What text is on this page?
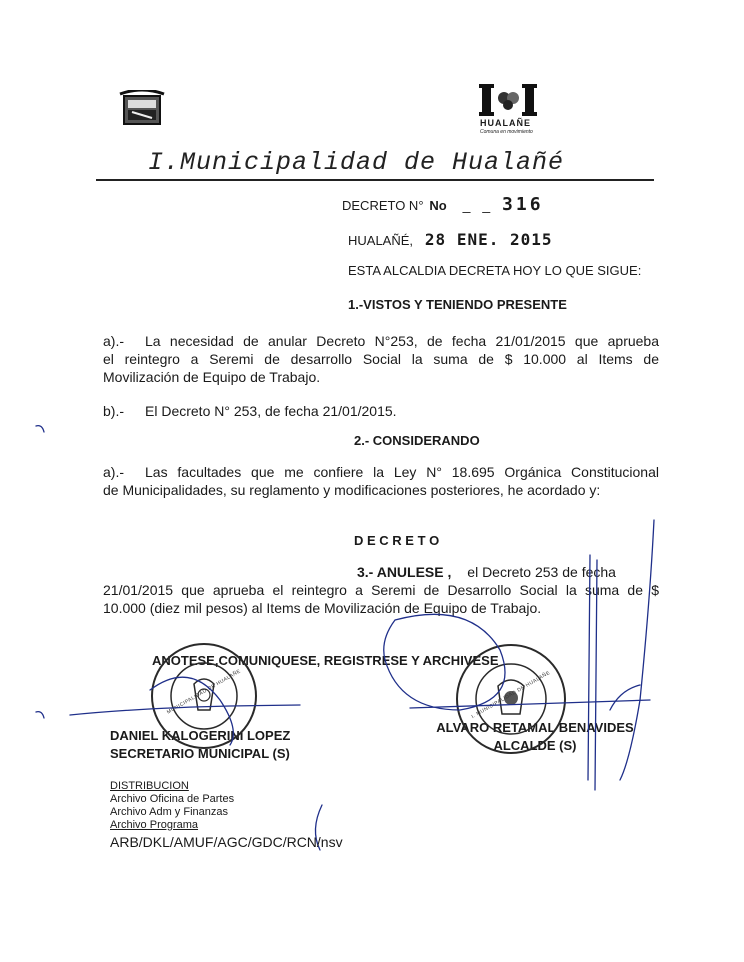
HUALAÑE
Comuna en movimiento
I.Municipalidad de Hualañé
DECRETO N° No _ _ 316
HUALAÑÉ, 28 ENE. 2015
ESTA ALCALDIA DECRETA HOY LO QUE SIGUE:
1.-VISTOS Y TENIENDO PRESENTE
a).- La necesidad de anular Decreto N°253, de fecha 21/01/2015 que aprueba
el reintegro a Seremi de desarrollo Social la suma de $ 10.000 al Items de
Movilización de Equipo de Trabajo.
b).- El Decreto N° 253, de fecha 21/01/2015.
2.- CONSIDERANDO
a).- Las facultades que me confiere la Ley N° 18.695 Orgánica Constitucional
de Municipalidades, su reglamento y modificaciones posteriores, he acordado y:
D E C R E T O
3.- ANULESE , el Decreto 253 de fecha
21/01/2015 que aprueba el reintegro a Seremi de Desarrollo Social la suma de $
10.000 (diez mil pesos) al Items de Movilización de Equipo de Trabajo.
ANOTESE,COMUNIQUESE, REGISTRESE Y ARCHIVESE
DANIEL KALOGERINI LOPEZ
SECRETARIO MUNICIPAL (S)
ALVARO RETAMAL BENAVIDES
ALCALDE (S)
MUNICIPALIDAD DE HUALAÑE	I. MUNICIPALIDAD DE HUALAÑE
DISTRIBUCION
Archivo Oficina de Partes
Archivo Adm y Finanzas
Archivo Programa
ARB/DKL/AMUF/AGC/GDC/RCN/nsv
